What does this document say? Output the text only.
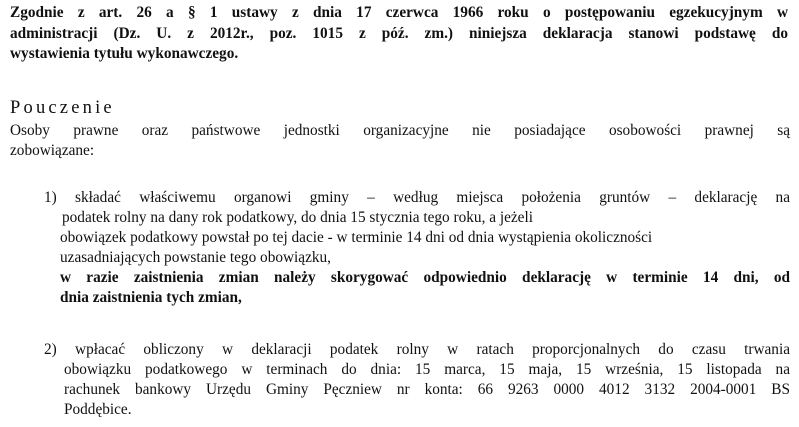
Zgodnie z art. 26 a § 1 ustawy z dnia 17 czerwca 1966 roku o postępowaniu egzekucyjnym w
administracji (Dz. U. z 2012r., poz. 1015 z póź. zm.) niniejsza deklaracja stanowi podstawę do
wystawienia tytułu wykonawczego.
Pouczenie
Osoby prawne oraz państwowe jednostki organizacyjne nie posiadające osobowości prawnej są
zobowiązane:
1) składać właściwemu organowi gminy – według miejsca położenia gruntów – deklarację na
podatek rolny na dany rok podatkowy, do dnia 15 stycznia tego roku, a jeżeli
obowiązek podatkowy powstał po tej dacie - w terminie 14 dni od dnia wystąpienia okoliczności
uzasadniających powstanie tego obowiązku,
w razie zaistnienia zmian należy skorygować odpowiednio deklarację w terminie 14 dni, od
dnia zaistnienia tych zmian,
2) wpłacać obliczony w deklaracji podatek rolny w ratach proporcjonalnych do czasu trwania
obowiązku podatkowego w terminach do dnia: 15 marca, 15 maja, 15 września, 15 listopada na
rachunek bankowy Urzędu Gminy Pęczniew nr konta: 66 9263 0000 4012 3132 2004-0001 BS
Poddębice.
